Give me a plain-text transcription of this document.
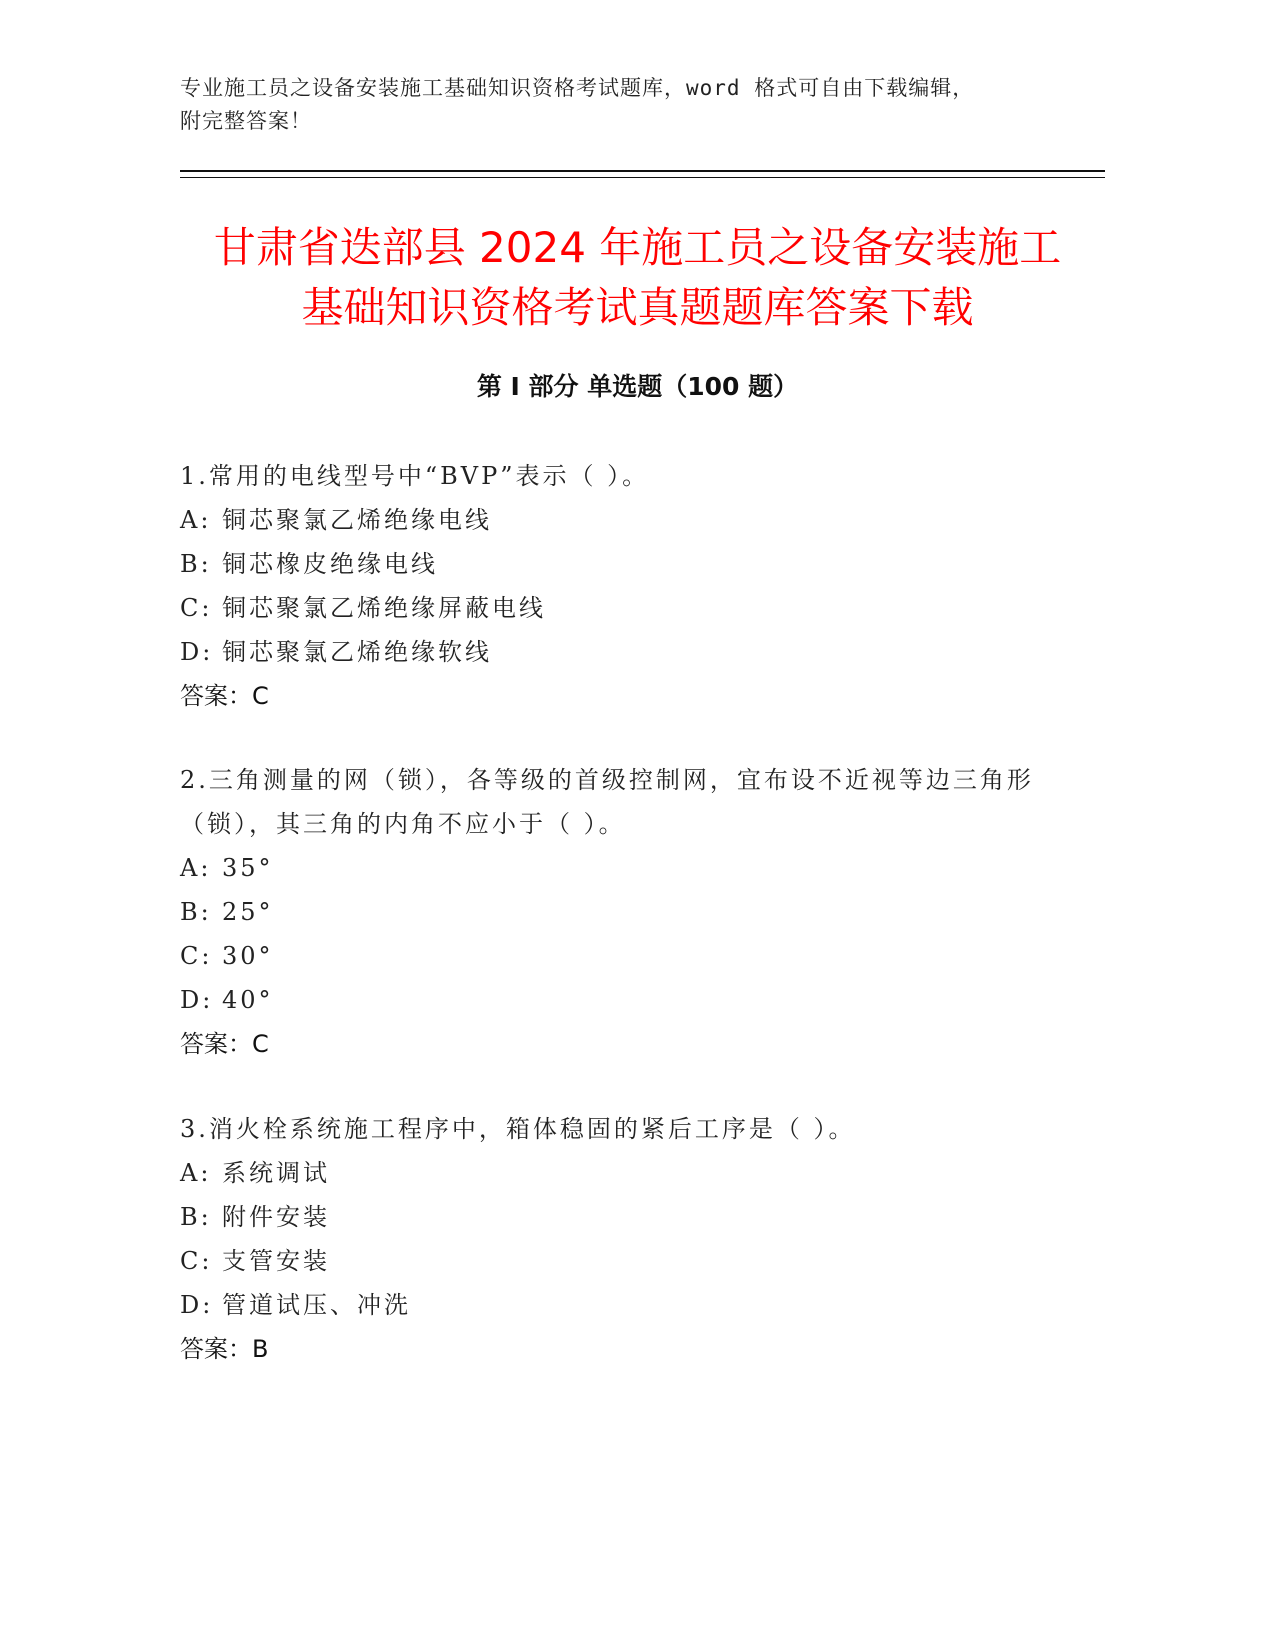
专业施工员之设备安装施工基础知识资格考试题库，word 格式可自由下载编辑，
附完整答案！
甘肃省迭部县 2024 年施工员之设备安装施工
基础知识资格考试真题题库答案下载
第 I 部分 单选题（100 题）

1.常用的电线型号中“BVP”表示（ ）。

A: 铜芯聚氯乙烯绝缘电线

B: 铜芯橡皮绝缘电线

C: 铜芯聚氯乙烯绝缘屏蔽电线

D: 铜芯聚氯乙烯绝缘软线

答案：C

2.三角测量的网（锁），各等级的首级控制网，宜布设不近视等边三角形（锁），其三角的内角不应小于（ ）。

A: 35°

B: 25°

C: 30°

D: 40°

答案：C

3.消火栓系统施工程序中，箱体稳固的紧后工序是（ ）。

A: 系统调试

B: 附件安装

C: 支管安装

D: 管道试压、冲洗

答案：B
